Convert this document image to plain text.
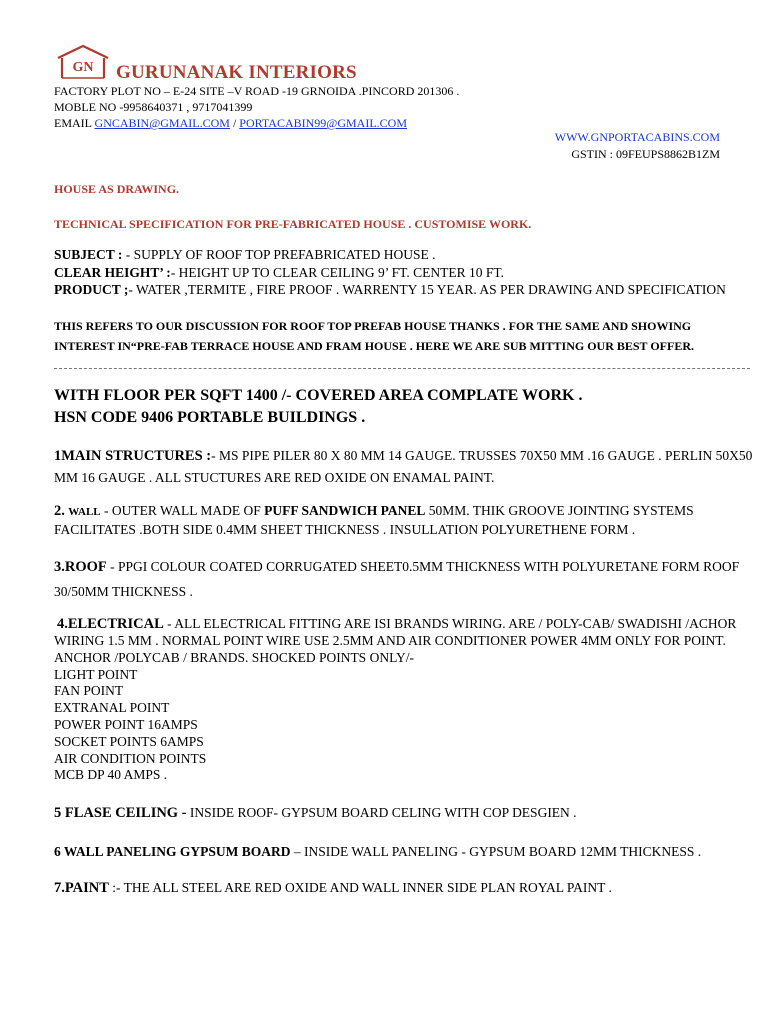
GN GURUNANAK INTERIORS
FACTORY PLOT NO – E-24 SITE –V ROAD -19 GRNOIDA .PINCORD 201306 .
MOBLE NO -9958640371 , 9717041399
EMAIL GNCABIN@GMAIL.COM / PORTACABIN99@GMAIL.COM
WWW.GNPORTACABINS.COM
GSTIN : 09FEUPS8862B1ZM
HOUSE AS DRAWING.
TECHNICAL SPECIFICATION FOR PRE-FABRICATED HOUSE . CUSTOMISE WORK.
SUBJECT : - SUPPLY OF ROOF TOP PREFABRICATED HOUSE .
CLEAR HEIGHT’ :- HEIGHT UP TO CLEAR CEILING 9’ FT. CENTER 10 FT.
PRODUCT ;- WATER ,TERMITE , FIRE PROOF . WARRENTY 15 YEAR. AS PER DRAWING AND SPECIFICATION
THIS REFERS TO OUR DISCUSSION FOR ROOF TOP PREFAB HOUSE THANKS . FOR THE SAME AND SHOWING
INTEREST IN“PRE-FAB TERRACE HOUSE AND FRAM HOUSE . HERE WE ARE SUB MITTING OUR BEST OFFER.
WITH FLOOR PER SQFT 1400 /- COVERED AREA COMPLATE WORK .
HSN CODE 9406 PORTABLE BUILDINGS .
1MAIN STRUCTURES :- MS PIPE PILER 80 X 80 MM 14 GAUGE. TRUSSES 70X50 MM .16 GAUGE . PERLIN 50X50
MM 16 GAUGE . ALL STUCTURES ARE RED OXIDE ON ENAMAL PAINT.
2. WALL - OUTER WALL MADE OF PUFF SANDWICH PANEL 50MM. THIK GROOVE JOINTING SYSTEMS
FACILITATES .BOTH SIDE 0.4MM SHEET THICKNESS . INSULLATION POLYURETHENE FORM .
3.ROOF - PPGI COLOUR COATED CORRUGATED SHEET0.5MM THICKNESS WITH POLYURETANE FORM ROOF
30/50MM THICKNESS .
4.ELECTRICAL - ALL ELECTRICAL FITTING ARE ISI BRANDS WIRING. ARE / POLY-CAB/ SWADISHI /ACHOR
WIRING 1.5 MM . NORMAL POINT WIRE USE 2.5MM AND AIR CONDITIONER POWER 4MM ONLY FOR POINT.
ANCHOR /POLYCAB / BRANDS. SHOCKED POINTS ONLY/-
LIGHT POINT
FAN POINT
EXTRANAL POINT
POWER POINT 16AMPS
SOCKET POINTS 6AMPS
AIR CONDITION POINTS
MCB DP 40 AMPS .
5 FLASE CEILING - INSIDE ROOF- GYPSUM BOARD CELING WITH COP DESGIEN .
6 WALL PANELING GYPSUM BOARD – INSIDE WALL PANELING - GYPSUM BOARD 12MM THICKNESS .
7.PAINT :- THE ALL STEEL ARE RED OXIDE AND WALL INNER SIDE PLAN ROYAL PAINT .
